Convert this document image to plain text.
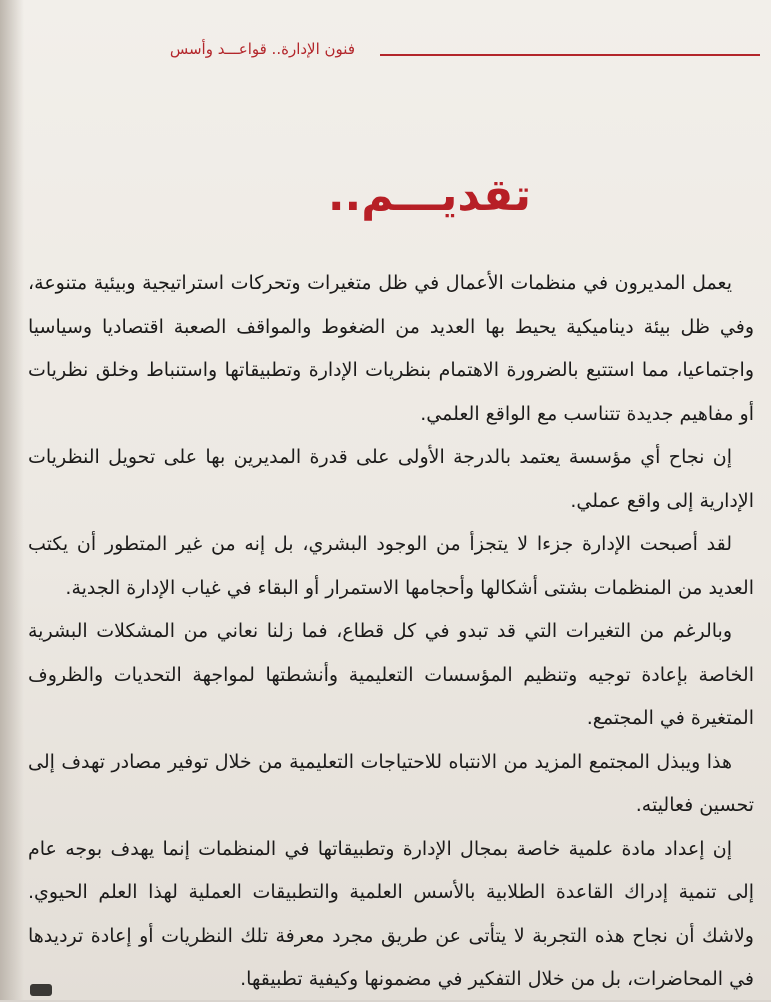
فنون الإدارة.. قواعـــد وأسس
تقديـــم..

يعمل المديرون في منظمات الأعمال في ظل متغيرات وتحركات استراتيجية وبيئية متنوعة، وفي ظل بيئة ديناميكية يحيط بها العديد من الضغوط والمواقف الصعبة اقتصاديا وسياسيا واجتماعيا، مما استتبع بالضرورة الاهتمام بنظريات الإدارة وتطبيقاتها واستنباط وخلق نظريات أو مفاهيم جديدة تتناسب مع الواقع العلمي.

إن نجاح أي مؤسسة يعتمد بالدرجة الأولى على قدرة المديرين بها على تحويل النظريات الإدارية إلى واقع عملي.

لقد أصبحت الإدارة جزءا لا يتجزأ من الوجود البشري، بل إنه من غير المتطور أن يكتب العديد من المنظمات بشتى أشكالها وأحجامها الاستمرار أو البقاء في غياب الإدارة الجدية.

وبالرغم من التغيرات التي قد تبدو في كل قطاع، فما زلنا نعاني من المشكلات البشرية الخاصة بإعادة توجيه وتنظيم المؤسسات التعليمية وأنشطتها لمواجهة التحديات والظروف المتغيرة في المجتمع.

هذا ويبذل المجتمع المزيد من الانتباه للاحتياجات التعليمية من خلال توفير مصادر تهدف إلى تحسين فعاليته.

إن إعداد مادة علمية خاصة بمجال الإدارة وتطبيقاتها في المنظمات إنما يهدف بوجه عام إلى تنمية إدراك القاعدة الطلابية بالأسس العلمية والتطبيقات العملية لهذا العلم الحيوي. ولاشك أن نجاح هذه التجربة لا يتأتى عن طريق مجرد معرفة تلك النظريات أو إعادة ترديدها في المحاضرات، بل من خلال التفكير في مضمونها وكيفية تطبيقها.
